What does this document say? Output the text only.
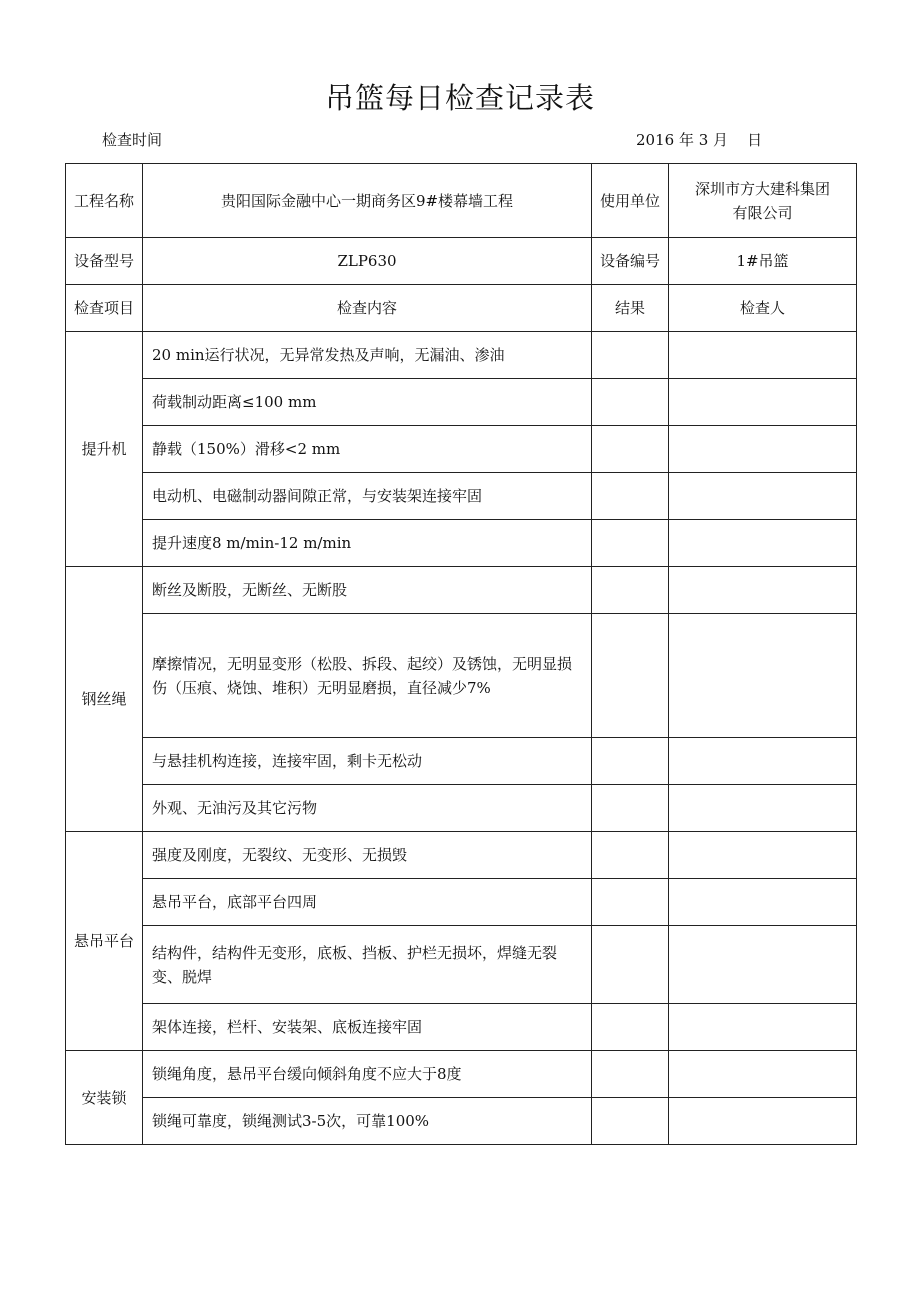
吊篮每日检查记录表
检查时间	2016 年 3 月    日
工程名称	贵阳国际金融中心一期商务区9#楼幕墙工程	使用单位	深圳市方大建科集团有限公司
设备型号	ZLP630	设备编号	1#吊篮
检查项目	检查内容	结果	检查人
提升机	20 min运行状况，无异常发热及声响，无漏油、渗油		
	荷载制动距离≤100 mm		
	静载（150%）滑移<2 mm		
	电动机、电磁制动器间隙正常，与安装架连接牢固		
	提升速度8 m/min-12 m/min		
钢丝绳	断丝及断股，无断丝、无断股		
	摩擦情况，无明显变形（松股、拆段、起绞）及锈蚀，无明显损伤（压痕、烧蚀、堆积）无明显磨损，直径减少7%		
	与悬挂机构连接，连接牢固，剩卡无松动		
	外观、无油污及其它污物		
悬吊平台	强度及刚度，无裂纹、无变形、无损毁		
	悬吊平台，底部平台四周		
	结构件，结构件无变形，底板、挡板、护栏无损坏，焊缝无裂变、脱焊		
	架体连接，栏杆、安装架、底板连接牢固		
安装锁	锁绳角度，悬吊平台缓向倾斜角度不应大于8度		
	锁绳可靠度，锁绳测试3-5次，可靠100%		
